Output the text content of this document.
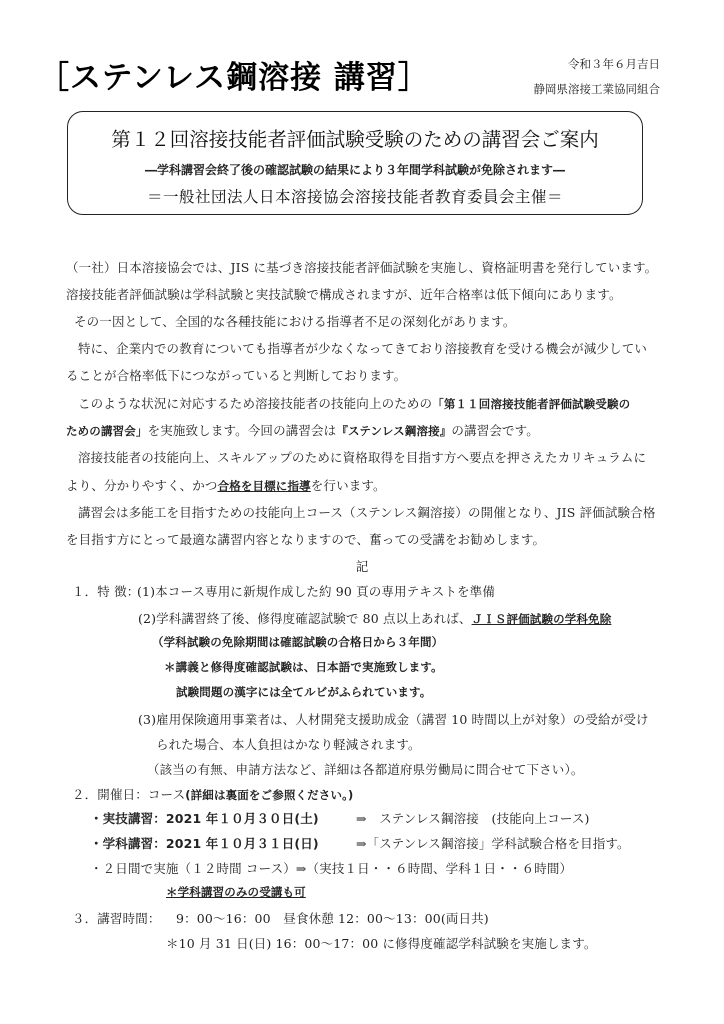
［ステンレス鋼溶接 講習］	令和３年６月吉日
静岡県溶接工業協同組合
第１２回溶接技能者評価試験受験のための講習会ご案内
―学科講習会終了後の確認試験の結果により３年間学科試験が免除されます―
＝一般社団法人日本溶接協会溶接技能者教育委員会主催＝
（一社）日本溶接協会では、JIS に基づき溶接技能者評価試験を実施し、資格証明書を発行しています。
溶接技能者評価試験は学科試験と実技試験で構成されますが、近年合格率は低下傾向にあります。
その一因として、全国的な各種技能における指導者不足の深刻化があります。
特に、企業内での教育についても指導者が少なくなってきており溶接教育を受ける機会が減少してい
ることが合格率低下につながっていると判断しております。
このような状況に対応するため溶接技能者の技能向上のための「第１１回溶接技能者評価試験受験の
ための講習会」を実施致します。今回の講習会は『ステンレス鋼溶接』の講習会です。
溶接技能者の技能向上、スキルアップのために資格取得を目指す方へ要点を押さえたカリキュラムに
より、分かりやすく、かつ合格を目標に指導を行います。
講習会は多能工を目指すための技能向上コース（ステンレス鋼溶接）の開催となり、JIS 評価試験合格
を目指す方にとって最適な講習内容となりますので、奮っての受講をお勧めします。
記
１．特 徴：
(1)本コース専用に新規作成した約 90 頁の専用テキストを準備
(2)学科講習終了後、修得度確認試験で 80 点以上あれば、ＪＩＳ評価試験の学科免除
（学科試験の免除期間は確認試験の合格日から３年間）
＊講義と修得度確認試験は、日本語で実施致します。
試験問題の漢字には全てルビがふられています。
(3)雇用保険適用事業者は、人材開発支援助成金（講習 10 時間以上が対象）の受給が受け
られた場合、本人負担はかなり軽減されます。
（該当の有無、申請方法など、詳細は各都道府県労働局に問合せて下さい）。
２．開催日：コース(詳細は裏面をご参照ください。)
・実技講習：2021 年１０月３０日(土)	⇒　ステンレス鋼溶接　(技能向上コース)
・学科講習：2021 年１０月３１日(日)	⇒「ステンレス鋼溶接」学科試験合格を目指す。
・２日間で実施（１２時間 コース）⇒（実技１日・・６時間、学科１日・・６時間）
＊学科講習のみの受講も可
３．講習時間： 9：00～16：00　昼食休憩 12：00～13：00(両日共)
＊10 月 31 日(日) 16：00～17：00 に修得度確認学科試験を実施します。
